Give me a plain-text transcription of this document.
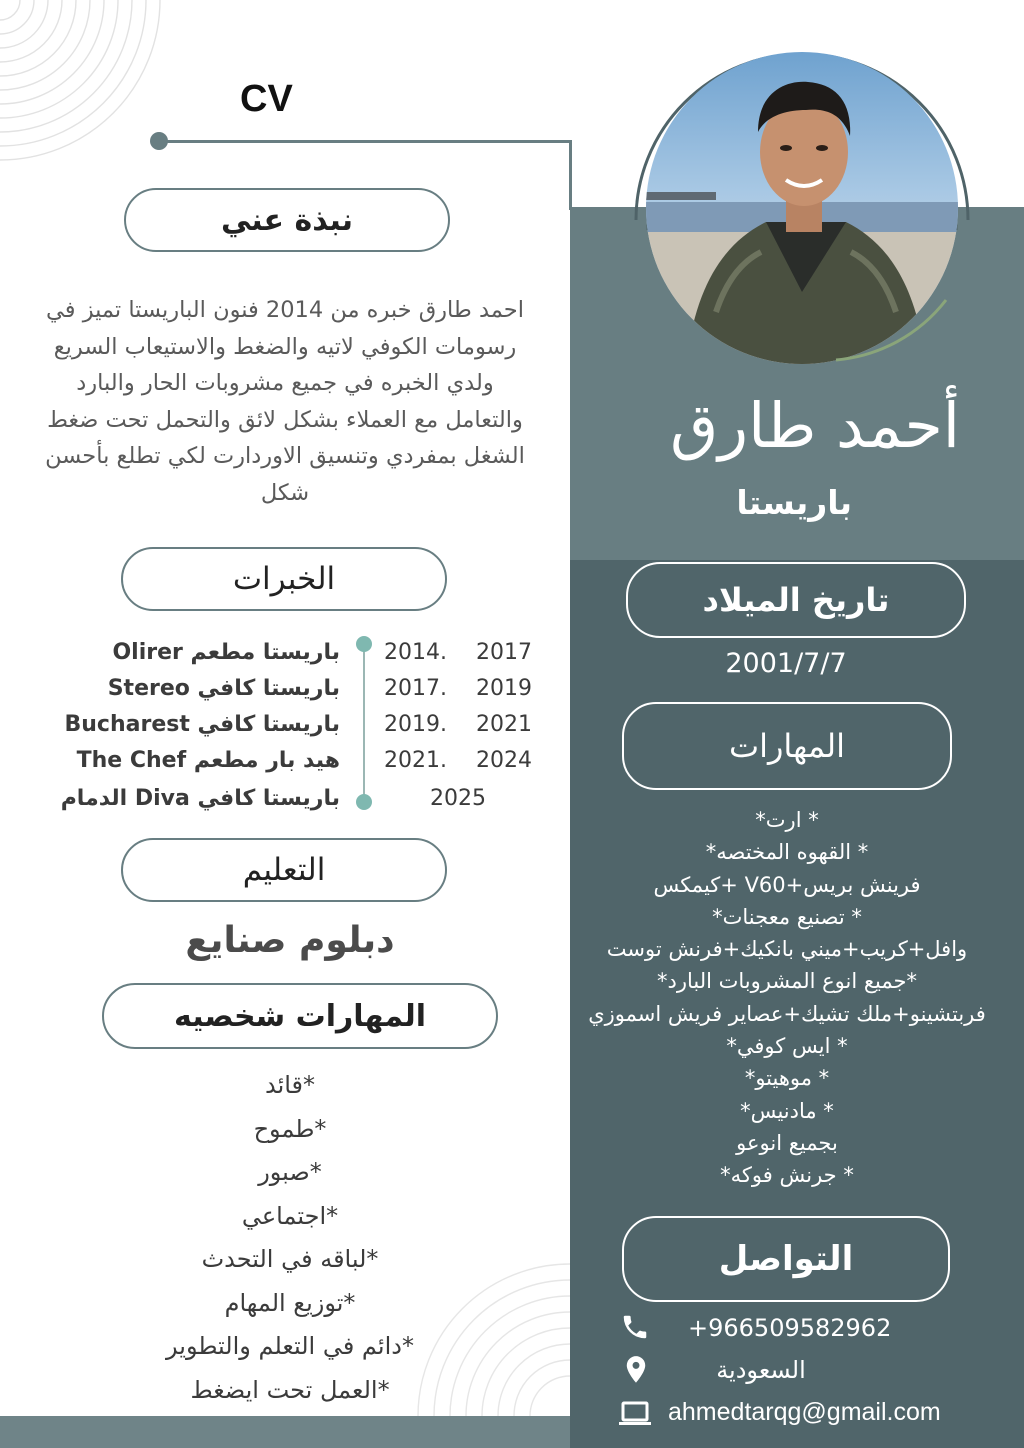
CV
أحمد طارق
باريستا
نبذة عني
احمد طارق خبره من 2014 فنون الباريستا تميز في رسومات الكوفي لاتيه والضغط والاستيعاب السريع ولدي الخبره في جميع مشروبات الحار والبارد والتعامل مع العملاء بشكل لائق والتحمل تحت ضغط الشغل بمفردي وتنسيق الاوردارت لكي تطلع بأحسن شكل
الخبرات
باريستا مطعم Olirer 2014. 2017
باريستا كافي Stereo 2017. 2019
باريستا كافي Bucharest 2019. 2021
هيد بار مطعم The Chef 2021. 2024
باريستا كافي Diva الدمام	2025
التعليم
دبلوم صنايع
المهارات شخصيه
*قائد
*طموح
*صبور
*اجتماعي
*لباقه في التحدث
*توزيع المهام
*دائم في التعلم والتطوير
*العمل تحت ايضغط
تاريخ الميلاد
2001/7/7
المهارات
* ارت*
* القهوه المختصه*
فرينش بريس+V60 +كيمكس
* تصنيع معجنات*
وافل+كريب+ميني بانكيك+فرنش توست
*جميع انوع المشروبات البارد*
فربتشينو+ملك تشيك+عصاير فريش اسموزي
* ايس كوفي*
* موهيتو*
* مادنيس*
بجميع انوعو
* جرنش فوكه*
التواصل
+966509582962
السعودية
ahmedtarqg@gmail.com
